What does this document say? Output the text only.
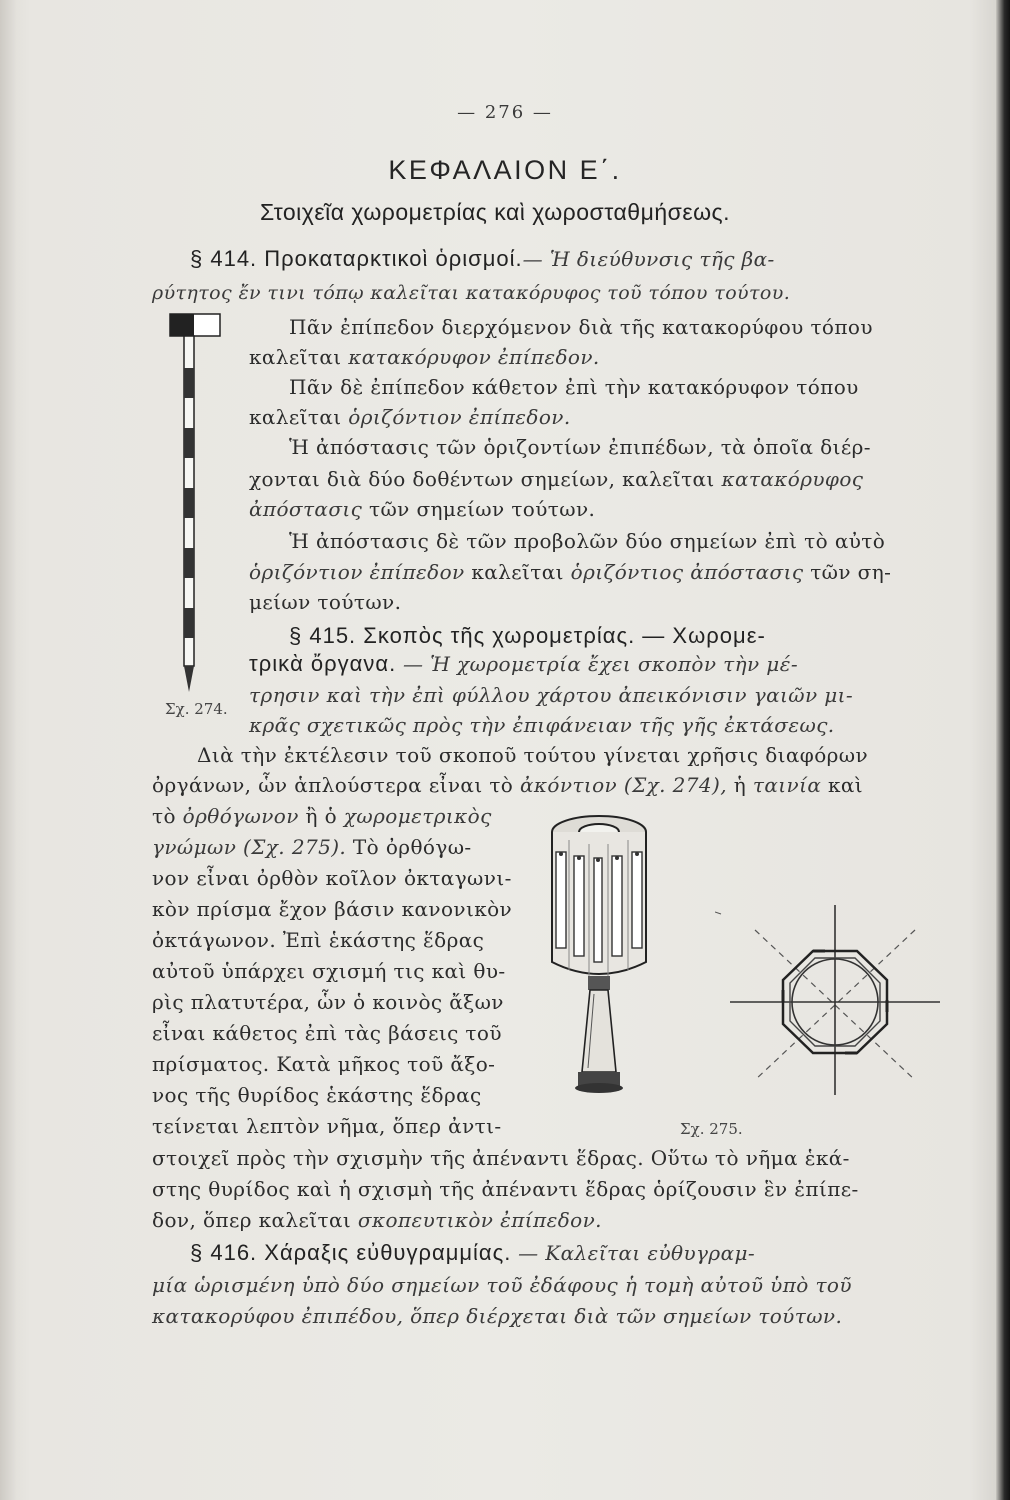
— 276 —
ΚΕΦΑΛΑΙΟΝ Ε΄.
Στοιχεῖα χωρομετρίας καὶ χωροσταθμήσεως.
§ 414. Προκαταρκτικοὶ ὁρισμοί.— Ἡ διεύθυνσις τῆς βα-
ρύτητος ἔν τινι τόπῳ καλεῖται κατακόρυφος τοῦ τόπου τούτου.
Πᾶν ἐπίπεδον διερχόμενον διὰ τῆς κατακορύφου τόπου
καλεῖται κατακόρυφον ἐπίπεδον.
Πᾶν δὲ ἐπίπεδον κάθετον ἐπὶ τὴν κατακόρυφον τόπου
καλεῖται ὁριζόντιον ἐπίπεδον.
Ἡ ἀπόστασις τῶν ὁριζοντίων ἐπιπέδων, τὰ ὁποῖα διέρ-
χονται διὰ δύο δοθέντων σημείων, καλεῖται κατακόρυφος
ἀπόστασις τῶν σημείων τούτων.
Ἡ ἀπόστασις δὲ τῶν προβολῶν δύο σημείων ἐπὶ τὸ αὐτὸ
ὁριζόντιον ἐπίπεδον καλεῖται ὁριζόντιος ἀπόστασις τῶν ση-
μείων τούτων.
§ 415. Σκοπὸς τῆς χωρομετρίας. — Χωρομε-
τρικὰ ὄργανα. — Ἡ χωρομετρία ἔχει σκοπὸν τὴν μέ-
τρησιν καὶ τὴν ἐπὶ φύλλου χάρτου ἀπεικόνισιν γαιῶν μι-
κρᾶς σχετικῶς πρὸς τὴν ἐπιφάνειαν τῆς γῆς ἐκτάσεως.
Διὰ τὴν ἐκτέλεσιν τοῦ σκοποῦ τούτου γίνεται χρῆσις διαφόρων
ὀργάνων, ὧν ἁπλούστερα εἶναι τὸ ἀκόντιον (Σχ. 274), ἡ ταινία καὶ
τὸ ὀρθόγωνον ἢ ὁ χωρομετρικὸς
γνώμων (Σχ. 275). Τὸ ὀρθόγω-
νον εἶναι ὀρθὸν κοῖλον ὀκταγωνι-
κὸν πρίσμα ἔχον βάσιν κανονικὸν
ὀκτάγωνον. Ἐπὶ ἑκάστης ἕδρας
αὐτοῦ ὑπάρχει σχισμή τις καὶ θυ-
ρὶς πλατυτέρα, ὧν ὁ κοινὸς ἄξων
εἶναι κάθετος ἐπὶ τὰς βάσεις τοῦ
πρίσματος. Κατὰ μῆκος τοῦ ἄξο-
νος τῆς θυρίδος ἑκάστης ἕδρας
τείνεται λεπτὸν νῆμα, ὅπερ ἀντι-
στοιχεῖ πρὸς τὴν σχισμὴν τῆς ἀπέναντι ἕδρας. Οὕτω τὸ νῆμα ἑκά-
στης θυρίδος καὶ ἡ σχισμὴ τῆς ἀπέναντι ἕδρας ὁρίζουσιν ἓν ἐπίπε-
δον, ὅπερ καλεῖται σκοπευτικὸν ἐπίπεδον.
§ 416. Χάραξις εὐθυγραμμίας. — Καλεῖται εὐθυγραμ-
μία ὡρισμένη ὑπὸ δύο σημείων τοῦ ἐδάφους ἡ τομὴ αὐτοῦ ὑπὸ τοῦ
κατακορύφου ἐπιπέδου, ὅπερ διέρχεται διὰ τῶν σημείων τούτων.
Σχ. 274.
Σχ. 275.
